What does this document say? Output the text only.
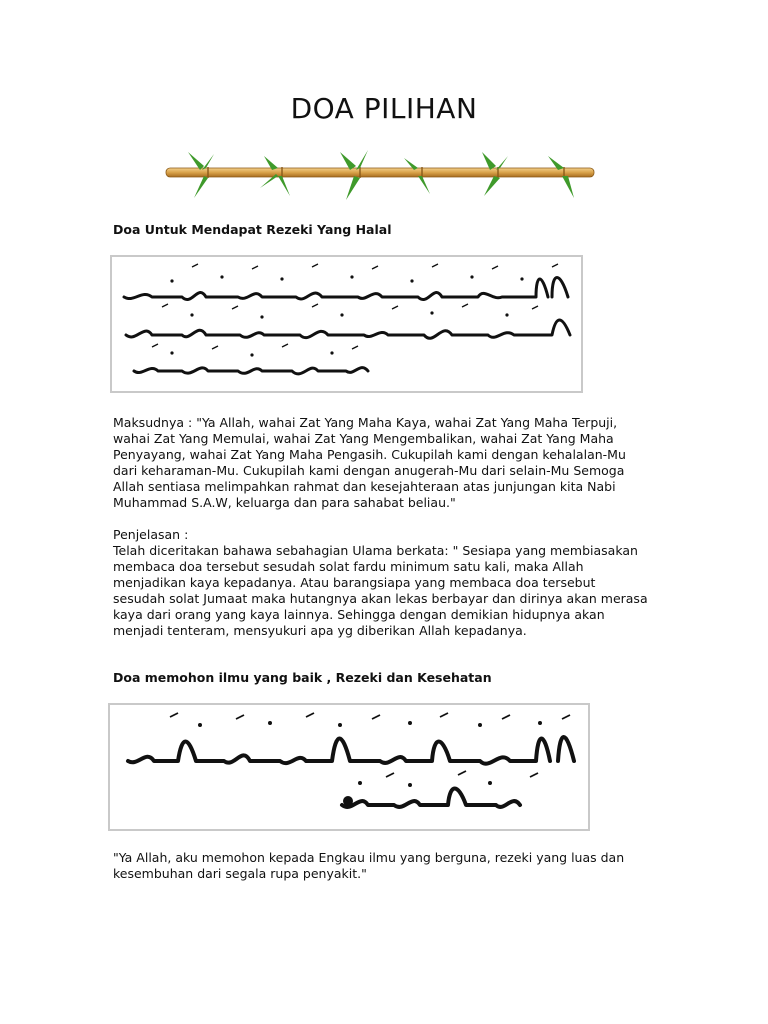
DOA PILIHAN
Doa Untuk Mendapat Rezeki Yang Halal
Maksudnya : "Ya Allah, wahai Zat Yang Maha Kaya, wahai Zat Yang Maha Terpuji,
wahai Zat Yang Memulai, wahai Zat Yang Mengembalikan, wahai Zat Yang Maha
Penyayang, wahai Zat Yang Maha Pengasih. Cukupilah kami dengan kehalalan-Mu
dari keharaman-Mu. Cukupilah kami dengan anugerah-Mu dari selain-Mu Semoga
Allah sentiasa melimpahkan rahmat dan kesejahteraan atas junjungan kita Nabi
Muhammad S.A.W, keluarga dan para sahabat beliau."
Penjelasan :
Telah diceritakan bahawa sebahagian Ulama berkata: " Sesiapa yang membiasakan
membaca doa tersebut sesudah solat fardu minimum satu kali, maka Allah
menjadikan kaya kepadanya. Atau barangsiapa yang membaca doa tersebut
sesudah solat Jumaat maka hutangnya akan lekas berbayar dan dirinya akan merasa
kaya dari orang yang kaya lainnya. Sehingga dengan demikian hidupnya akan
menjadi tenteram, mensyukuri apa yg diberikan Allah kepadanya.
Doa memohon ilmu yang baik , Rezeki dan Kesehatan
"Ya Allah, aku memohon kepada Engkau ilmu yang berguna, rezeki yang luas dan
kesembuhan dari segala rupa penyakit."
